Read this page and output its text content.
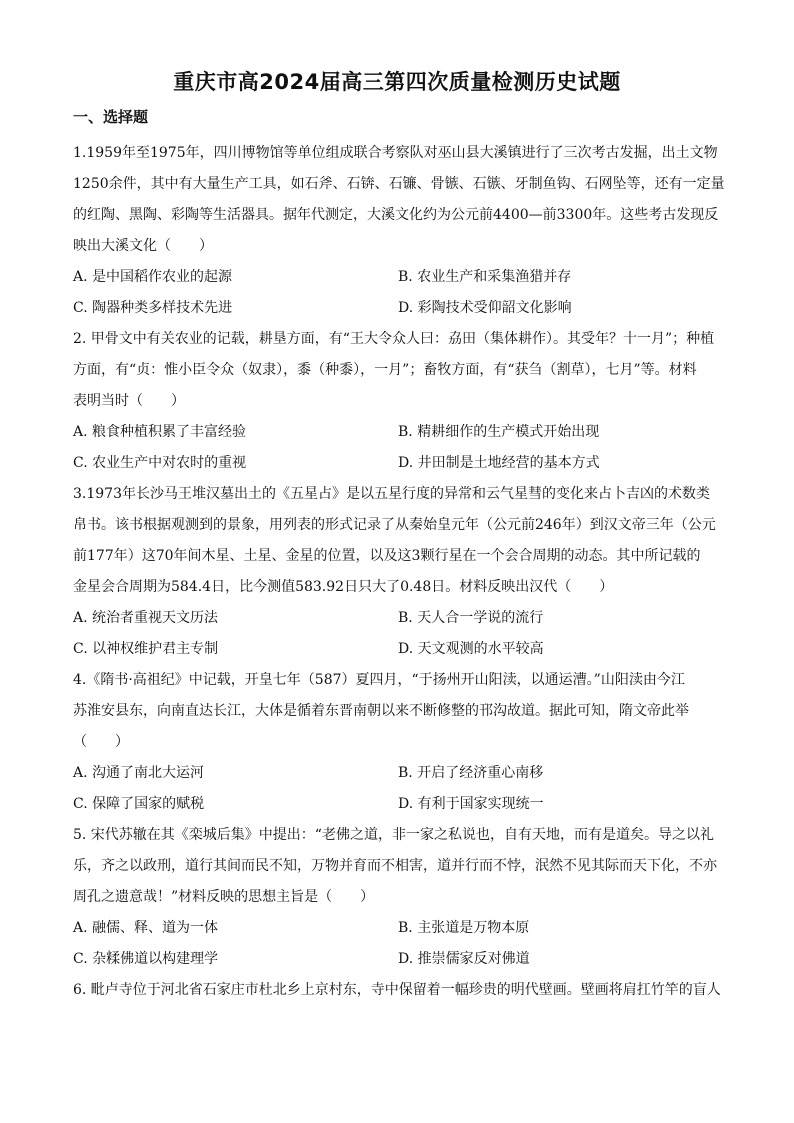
重庆市高2024届高三第四次质量检测历史试题
一、选择题

1.1959年至1975年，四川博物馆等单位组成联合考察队对巫山县大溪镇进行了三次考古发掘，出土文物
1250余件，其中有大量生产工具，如石斧、石锛、石镰、骨镞、石镞、牙制鱼钩、石网坠等，还有一定量
的红陶、黑陶、彩陶等生活器具。据年代测定，大溪文化约为公元前4400—前3300年。这些考古发现反
映出大溪文化（　　）

A. 是中国稻作农业的起源	B. 农业生产和采集渔猎并存
C. 陶器种类多样技术先进	D. 彩陶技术受仰韶文化影响

2. 甲骨文中有关农业的记载，耕垦方面，有“王大令众人曰：劦田（集体耕作）。其受年？十一月”；种植
方面，有“贞：惟小臣令众（奴隶），黍（种黍），一月”；畜牧方面，有“获刍（割草），七月”等。材料
表明当时（　　）

A. 粮食种植积累了丰富经验	B. 精耕细作的生产模式开始出现
C. 农业生产中对农时的重视	D. 井田制是土地经营的基本方式

3.1973年长沙马王堆汉墓出土的《五星占》是以五星行度的异常和云气星彗的变化来占卜吉凶的术数类
帛书。该书根据观测到的景象，用列表的形式记录了从秦始皇元年（公元前246年）到汉文帝三年（公元
前177年）这70年间木星、土星、金星的位置，以及这3颗行星在一个会合周期的动态。其中所记载的
金星会合周期为584.4日，比今测值583.92日只大了0.48日。材料反映出汉代（　　）

A. 统治者重视天文历法	B. 天人合一学说的流行
C. 以神权维护君主专制	D. 天文观测的水平较高

4.《隋书·高祖纪》中记载，开皇七年（587）夏四月，“于扬州开山阳渎，以通运漕。”山阳渎由今江
苏淮安县东，向南直达长江，大体是循着东晋南朝以来不断修整的邗沟故道。据此可知，隋文帝此举
（　　）

A. 沟通了南北大运河	B. 开启了经济重心南移
C. 保障了国家的赋税	D. 有利于国家实现统一

5. 宋代苏辙在其《栾城后集》中提出：“老佛之道，非一家之私说也，自有天地，而有是道矣。导之以礼
乐，齐之以政刑，道行其间而民不知，万物并育而不相害，道并行而不悖，泯然不见其际而天下化，不亦
周孔之遗意哉！”材料反映的思想主旨是（　　）

A. 融儒、释、道为一体	B. 主张道是万物本原
C. 杂糅佛道以构建理学	D. 推崇儒家反对佛道

6. 毗卢寺位于河北省石家庄市杜北乡上京村东，寺中保留着一幅珍贵的明代壁画。壁画将肩扛竹竿的盲人
